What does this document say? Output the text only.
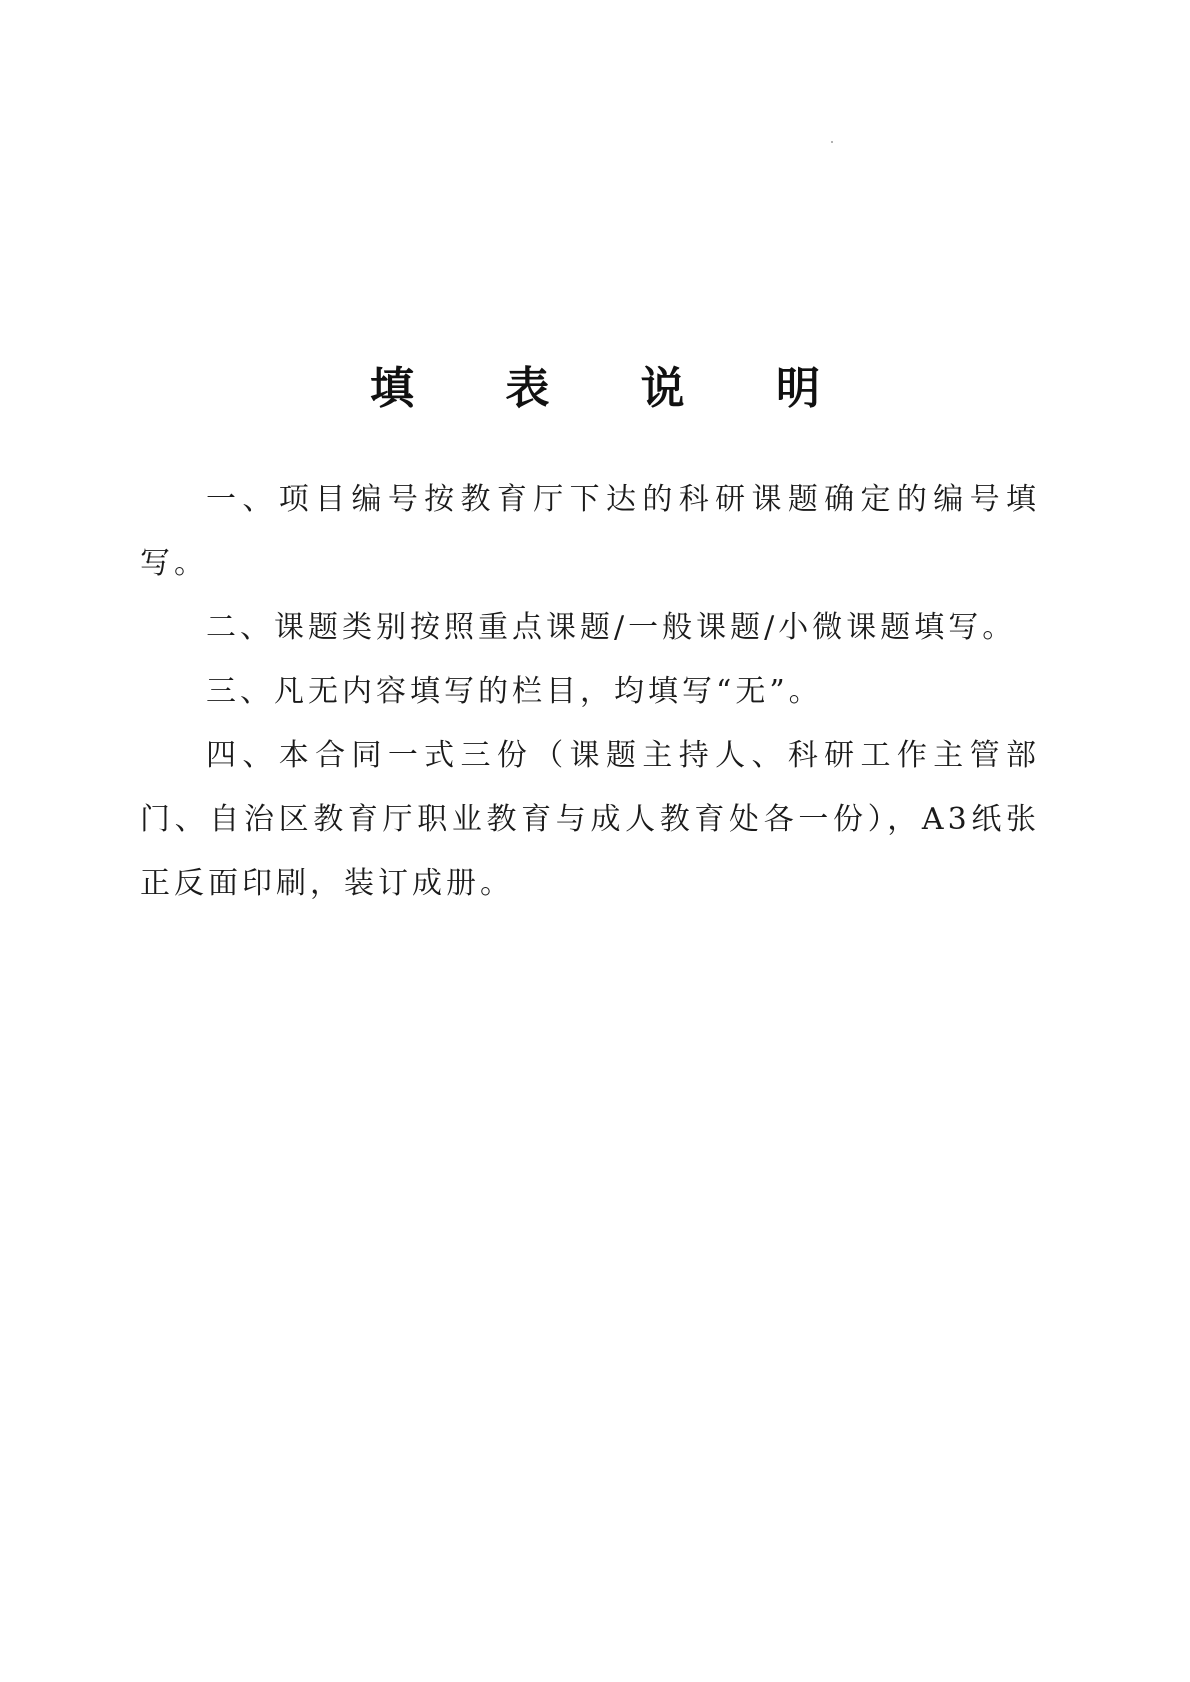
填 表 说 明

一、项目编号按教育厅下达的科研课题确定的编号填写。

二、课题类别按照重点课题/一般课题/小微课题填写。

三、凡无内容填写的栏目，均填写“无”。

四、本合同一式三份（课题主持人、科研工作主管部门、自治区教育厅职业教育与成人教育处各一份），A3纸张正反面印刷，装订成册。
